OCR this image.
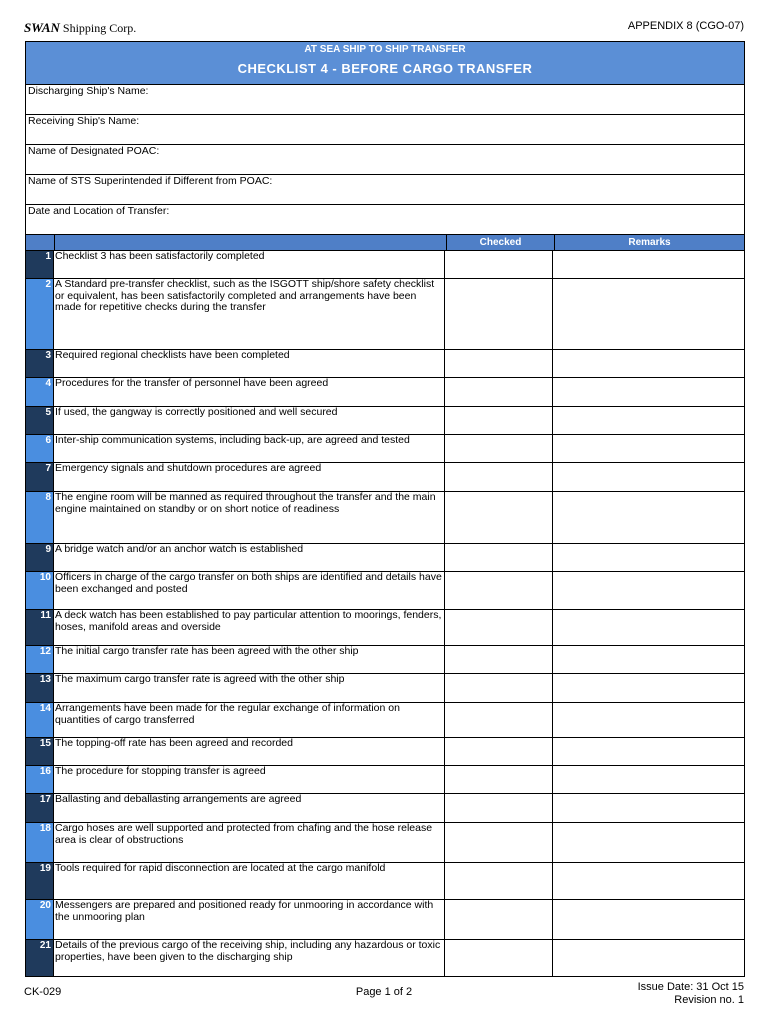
SWAN Shipping Corp.	APPENDIX 8 (CGO-07)
AT SEA SHIP TO SHIP TRANSFER
CHECKLIST 4 - BEFORE CARGO TRANSFER
Discharging Ship's Name:
Receiving Ship's Name:
Name of Designated POAC:
Name of STS Superintended if Different from POAC:
Date and Location of Transfer:
Checked	Remarks
1 Checklist 3 has been satisfactorily completed
2 A Standard pre-transfer checklist, such as the ISGOTT ship/shore safety checklist or equivalent, has been satisfactorily completed and arrangements have been made for repetitive checks during the transfer
3 Required regional checklists have been completed
4 Procedures for the transfer of personnel have been agreed
5 If used, the gangway is correctly positioned and well secured
6 Inter-ship communication systems, including back-up, are agreed and tested
7 Emergency signals and shutdown procedures are agreed
8 The engine room will be manned as required throughout the transfer and the main engine maintained on standby or on short notice of readiness
9 A bridge watch and/or an anchor watch is established
10 Officers in charge of the cargo transfer on both ships are identified and details have been exchanged and posted
11 A deck watch has been established to pay particular attention to moorings, fenders, hoses, manifold areas and overside
12 The initial cargo transfer rate has been agreed with the other ship
13 The maximum cargo transfer rate is agreed with the other ship
14 Arrangements have been made for the regular exchange of information on quantities of cargo transferred
15 The topping-off rate has been agreed and recorded
16 The procedure for stopping transfer is agreed
17 Ballasting and deballasting arrangements are agreed
18 Cargo hoses are well supported and protected from chafing and the hose release area is clear of obstructions
19 Tools required for rapid disconnection are located at the cargo manifold
20 Messengers are prepared and positioned ready for unmooring in accordance with the unmooring plan
21 Details of the previous cargo of the receiving ship, including any hazardous or toxic properties, have been given to the discharging ship
CK-029	Page 1 of 2	Issue Date: 31 Oct 15
Revision no. 1
